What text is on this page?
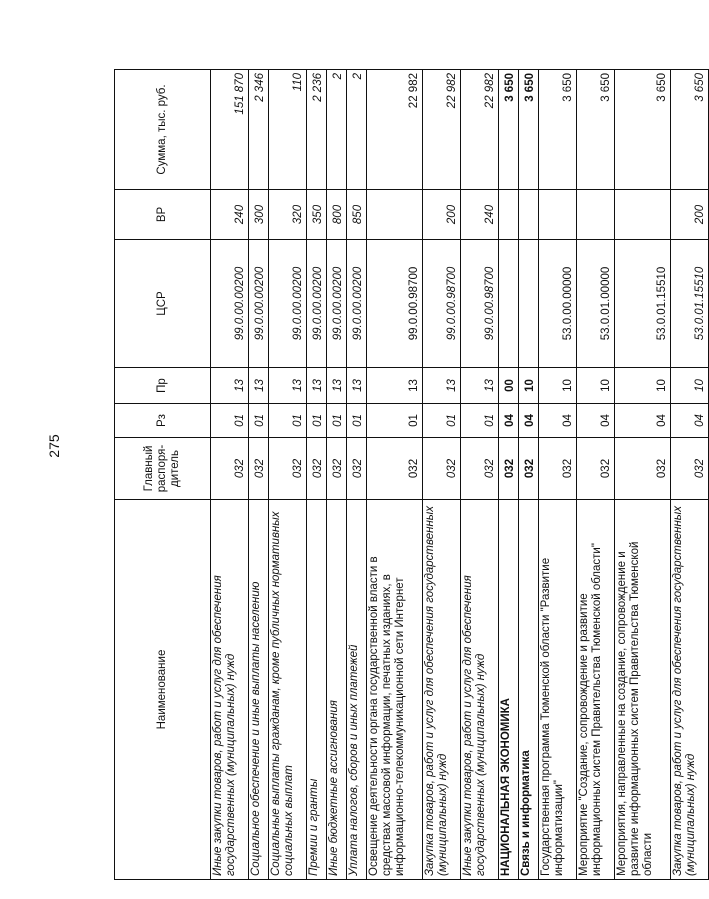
275
Наименование	Главный распоря-дитель	Рз	Пр	ЦСР	ВР	Сумма, тыс. руб.
Иные закупки товаров, работ и услуг для обеспечения государственных (муниципальных) нужд	032	01	13	99.0.00.00200	240	151 870
Социальное обеспечение и иные выплаты населению	032	01	13	99.0.00.00200	300	2 346
Социальные выплаты гражданам, кроме публичных нормативных социальных выплат	032	01	13	99.0.00.00200	320	110
Премии и гранты	032	01	13	99.0.00.00200	350	2 236
Иные бюджетные ассигнования	032	01	13	99.0.00.00200	800	2
Уплата налогов, сборов и иных платежей	032	01	13	99.0.00.00200	850	2
Освещение деятельности органа государственной власти в средствах массовой информации, печатных изданиях, в информационно-телекоммуникационной сети Интернет	032	01	13	99.0.00.98700		22 982
Закупка товаров, работ и услуг для обеспечения государственных (муниципальных) нужд	032	01	13	99.0.00.98700	200	22 982
Иные закупки товаров, работ и услуг для обеспечения государственных (муниципальных) нужд	032	01	13	99.0.00.98700	240	22 982
НАЦИОНАЛЬНАЯ ЭКОНОМИКА	032	04	00			3 650
Связь и информатика	032	04	10			3 650
Государственная программа Тюменской области "Развитие информатизации"	032	04	10	53.0.00.00000		3 650
Мероприятие "Создание, сопровождение и развитие информационных систем Правительства Тюменской области"	032	04	10	53.0.01.00000		3 650
Мероприятия, направленные на создание, сопровождение и развитие информационных систем Правительства Тюменской области	032	04	10	53.0.01.15510		3 650
Закупка товаров, работ и услуг для обеспечения государственных (муниципальных) нужд	032	04	10	53.0.01.15510	200	3 650
